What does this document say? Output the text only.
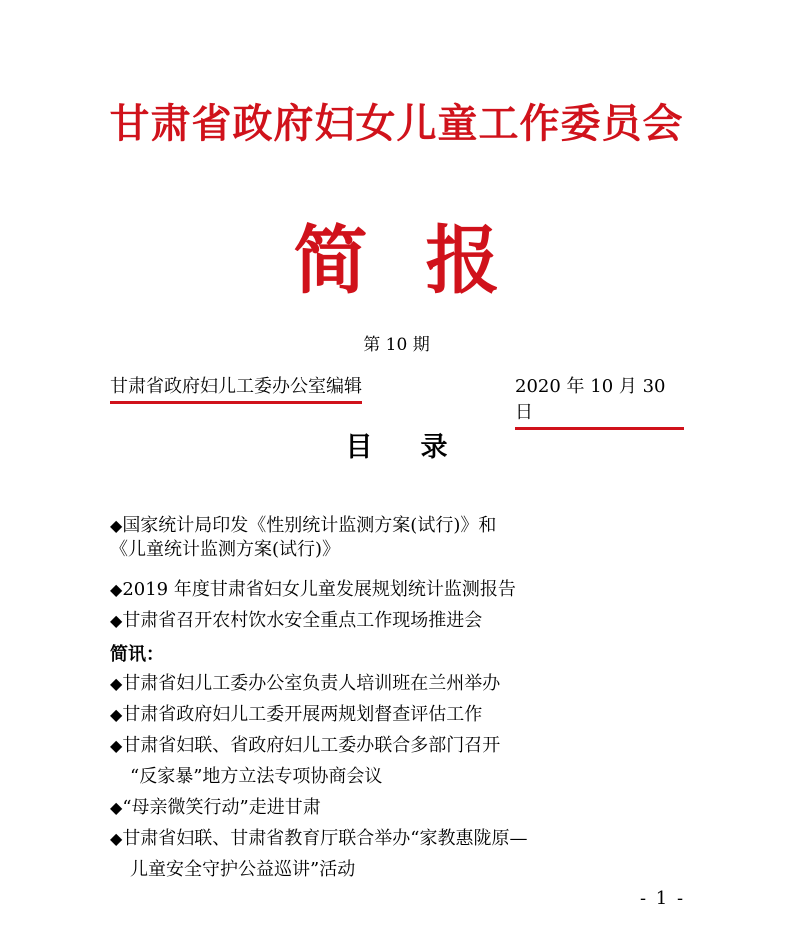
甘肃省政府妇女儿童工作委员会
简报
第 10 期
甘肃省政府妇儿工委办公室编辑	2020 年 10 月 30 日
目录
◆国家统计局印发《性别统计监测方案(试行)》和
《儿童统计监测方案(试行)》
◆2019 年度甘肃省妇女儿童发展规划统计监测报告
◆甘肃省召开农村饮水安全重点工作现场推进会
简讯：
◆甘肃省妇儿工委办公室负责人培训班在兰州举办
◆甘肃省政府妇儿工委开展两规划督查评估工作
◆甘肃省妇联、省政府妇儿工委办联合多部门召开
“反家暴”地方立法专项协商会议
◆“母亲微笑行动”走进甘肃
◆甘肃省妇联、甘肃省教育厅联合举办“家教惠陇原—
儿童安全守护公益巡讲”活动
- 1 -
